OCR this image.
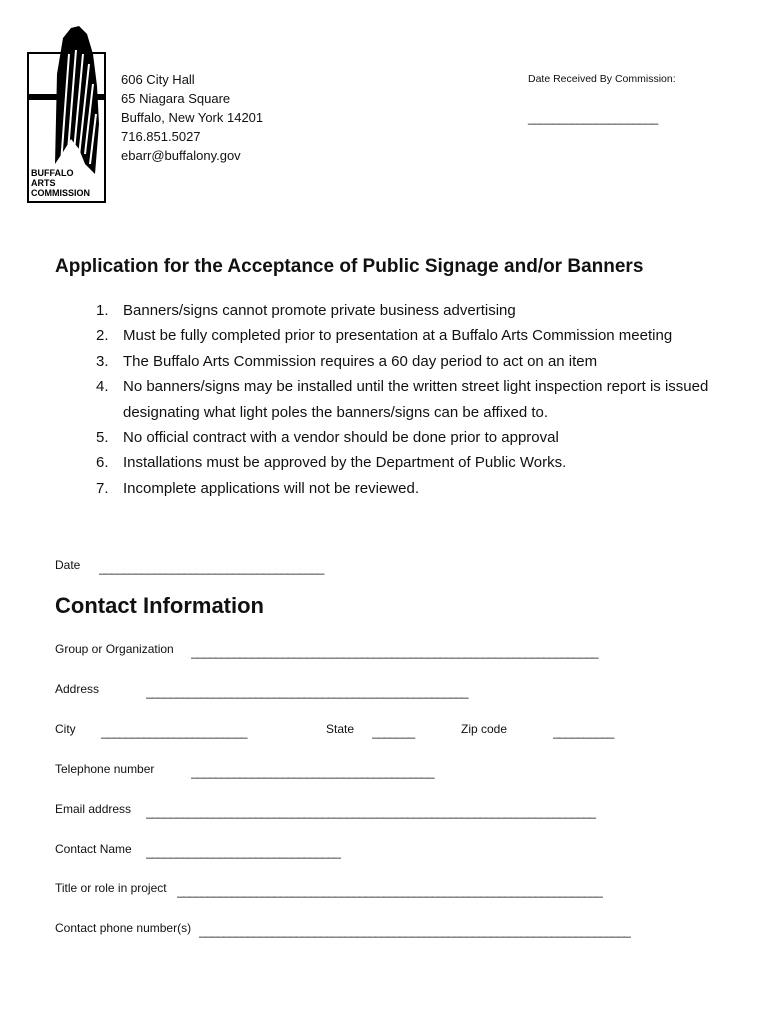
BUFFALO
ARTS
COMMISSION
606 City Hall
65 Niagara Square
Buffalo, New York 14201
716.851.5027
ebarr@buffalony.gov
Date Received By Commission:
_____________________
Application for the Acceptance of Public Signage and/or Banners
1. Banners/signs cannot promote private business advertising
2. Must be fully completed prior to presentation at a Buffalo Arts Commission meeting
3. The Buffalo Arts Commission requires a 60 day period to act on an item
4. No banners/signs may be installed until the written street light inspection report is issued designating what light poles the banners/signs can be affixed to.
5. No official contract with a vendor should be done prior to approval
6. Installations must be approved by the Department of Public Works.
7. Incomplete applications will not be reviewed.
Date _____________________________________
Contact Information
Group or Organization ___________________________________________________________________
Address	_____________________________________________________
City ________________________	State _______	Zip code	__________
Telephone number	________________________________________
Email address __________________________________________________________________________
Contact Name ________________________________
Title or role in project ______________________________________________________________________
Contact phone number(s) _______________________________________________________________________
